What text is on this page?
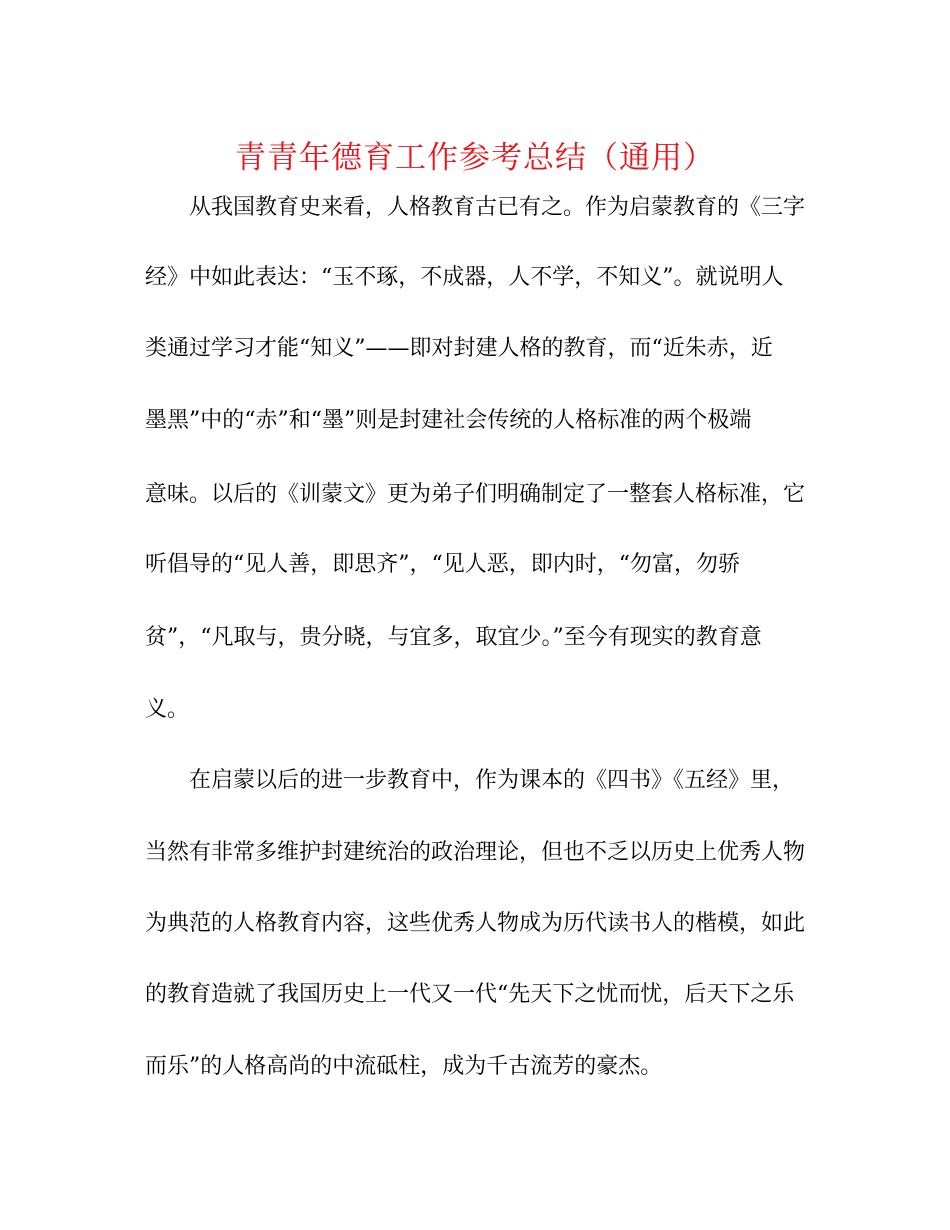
青青年德育工作参考总结（通用）
从我国教育史来看，人格教育古已有之。作为启蒙教育的《三字
经》中如此表达：“玉不琢，不成器，人不学，不知义”。就说明人
类通过学习才能“知义”——即对封建人格的教育，而“近朱赤，近
墨黑”中的“赤”和“墨”则是封建社会传统的人格标准的两个极端
意味。以后的《训蒙文》更为弟子们明确制定了一整套人格标准，它
听倡导的“见人善，即思齐”，“见人恶，即内时，“勿富，勿骄
贫”，“凡取与，贵分晓，与宜多，取宜少。”至今有现实的教育意
义。
在启蒙以后的进一步教育中，作为课本的《四书》《五经》里，
当然有非常多维护封建统治的政治理论，但也不乏以历史上优秀人物
为典范的人格教育内容，这些优秀人物成为历代读书人的楷模，如此
的教育造就了我国历史上一代又一代“先天下之忧而忧，后天下之乐
而乐”的人格高尚的中流砥柱，成为千古流芳的豪杰。
